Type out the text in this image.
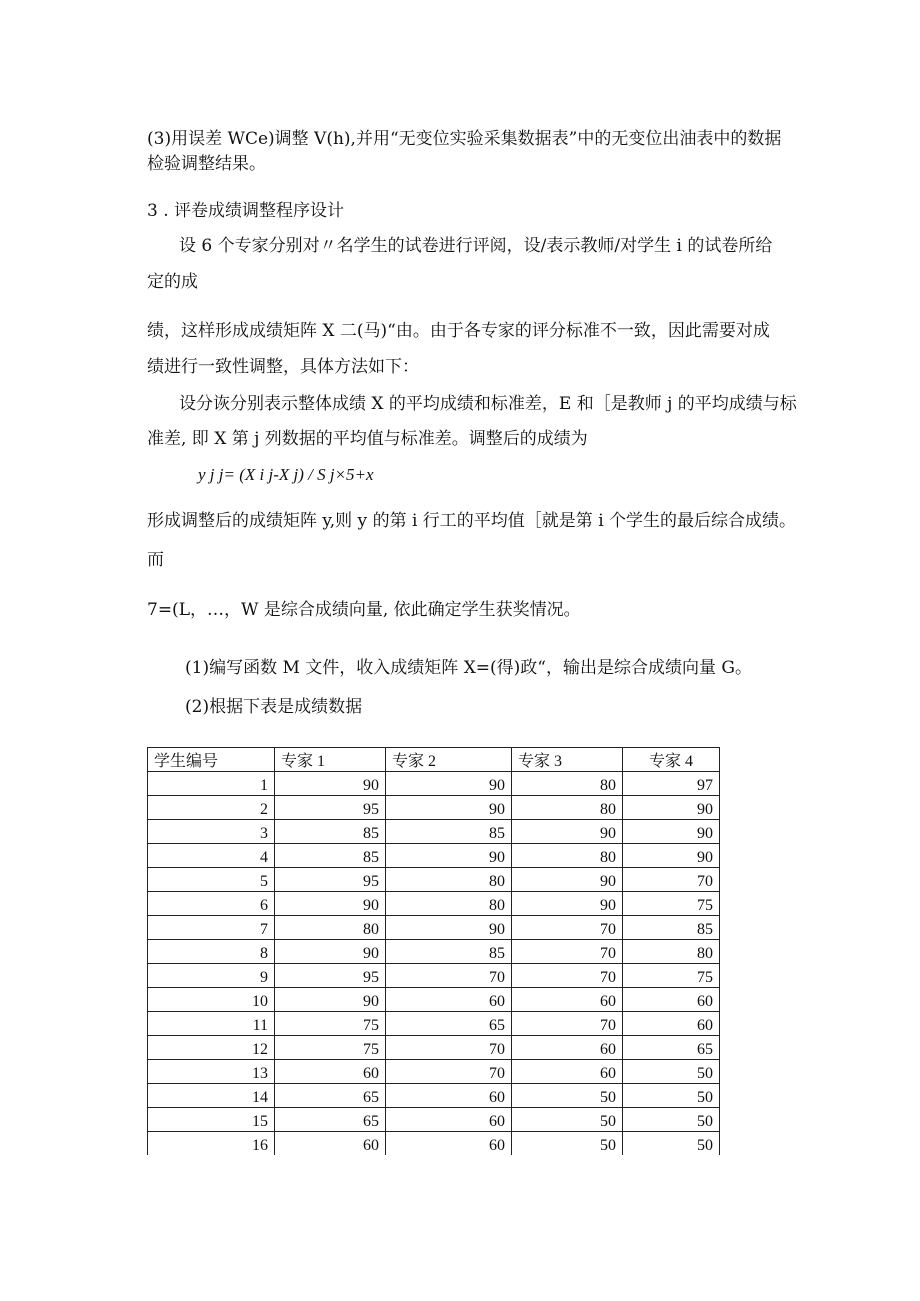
(3)用误差 WCe)调整 V(h),并用“无变位实验采集数据表”中的无变位出油表中的数据
检验调整结果。
3 . 评卷成绩调整程序设计
设 6 个专家分别对〃名学生的试卷进行评阅，设/表示教师/对学生 i 的试卷所给
定的成
绩，这样形成成绩矩阵 X 二(马)“由。由于各专家的评分标准不一致，因此需要对成
绩进行一致性调整，具体方法如下：
设分诙分别表示整体成绩 X 的平均成绩和标准差，E 和［是教师 j 的平均成绩与标
准差, 即 X 第 j 列数据的平均值与标准差。调整后的成绩为
y j j= (X i j-X j) / S j×5+x
形成调整后的成绩矩阵 y,则 y 的第 i 行工的平均值［就是第 i 个学生的最后综合成绩。
而
7=(L，…，W 是综合成绩向量, 依此确定学生获奖情况。
(1)编写函数 M 文件，收入成绩矩阵 X=(得)政“，输出是综合成绩向量 G。
(2)根据下表是成绩数据
学生编号	专家 1	专家 2	专家 3	专家 4
1	90	90	80	97
2	95	90	80	90
3	85	85	90	90
4	85	90	80	90
5	95	80	90	70
6	90	80	90	75
7	80	90	70	85
8	90	85	70	80
9	95	70	70	75
10	90	60	60	60
11	75	65	70	60
12	75	70	60	65
13	60	70	60	50
14	65	60	50	50
15	65	60	50	50
16	60	60	50	50
